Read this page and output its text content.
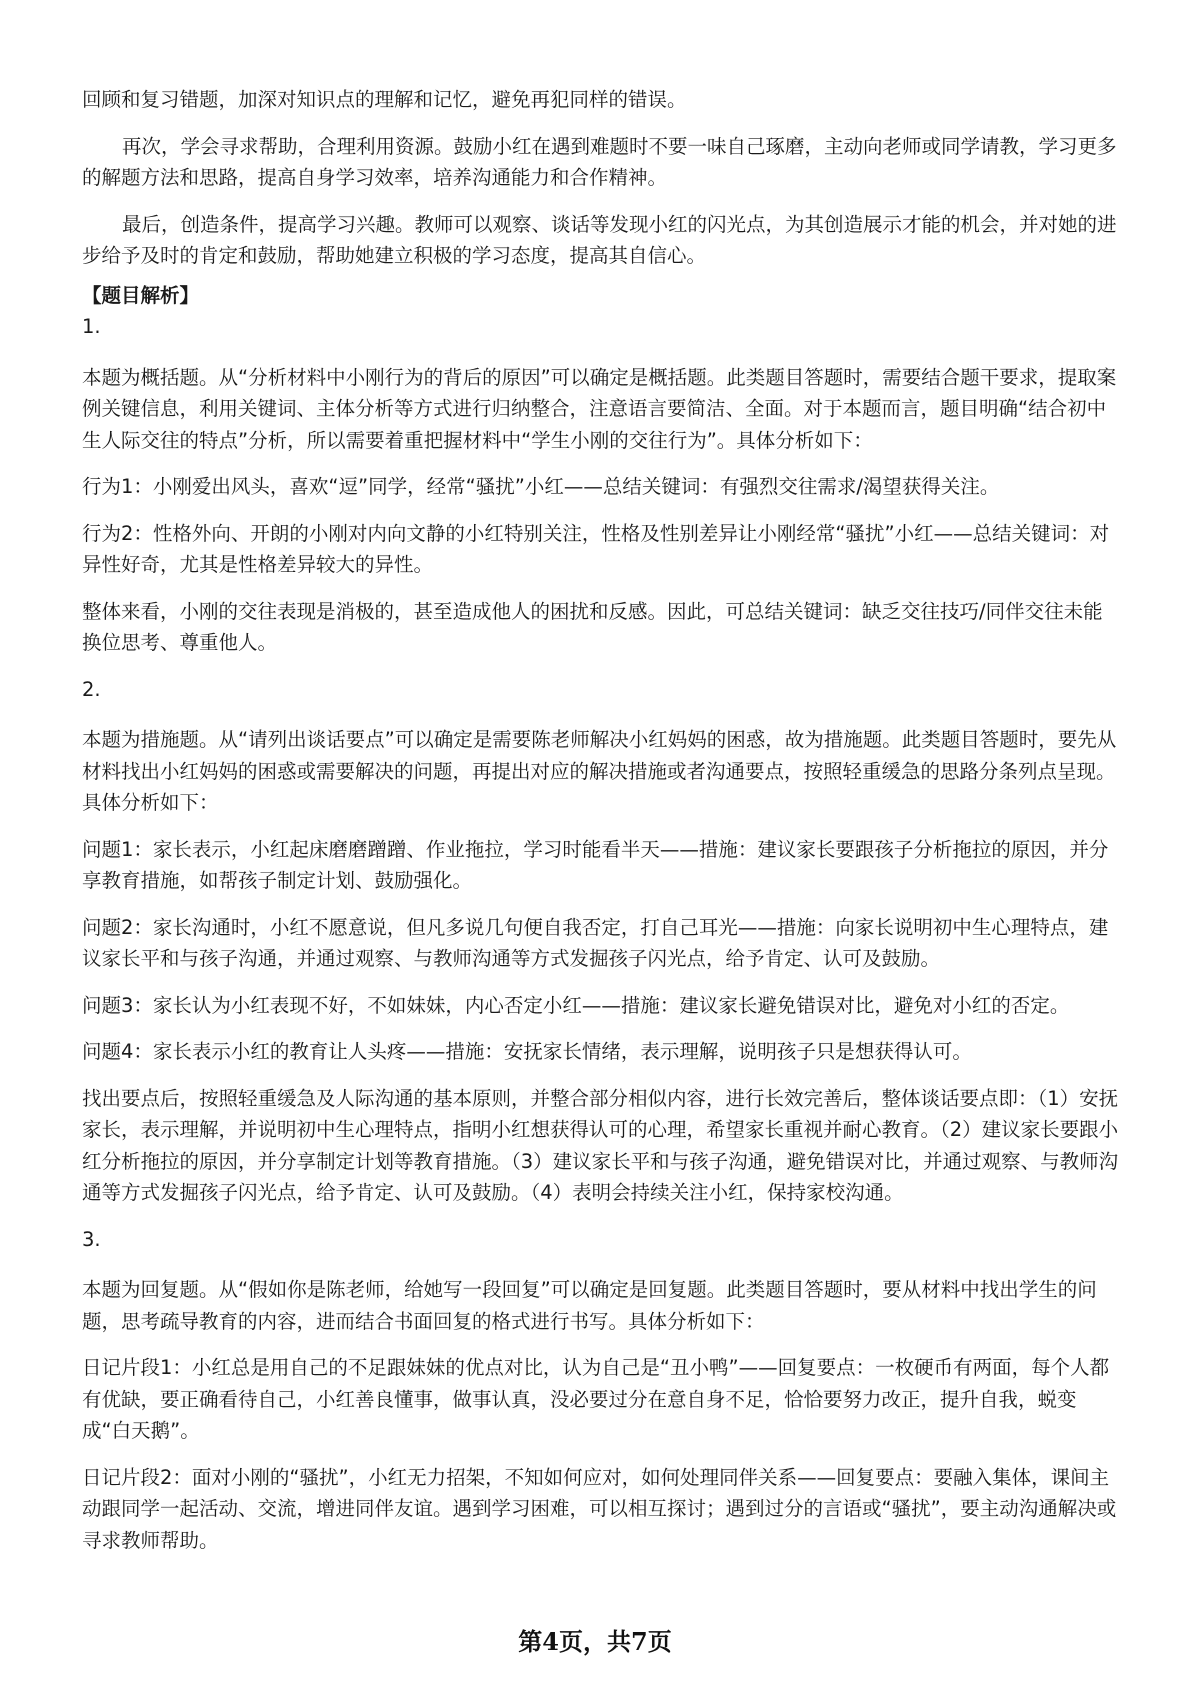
回顾和复习错题，加深对知识点的理解和记忆，避免再犯同样的错误。

再次，学会寻求帮助，合理利用资源。鼓励小红在遇到难题时不要一味自己琢磨，主动向老师或同学请教，学习更多的解题方法和思路，提高自身学习效率，培养沟通能力和合作精神。

最后，创造条件，提高学习兴趣。教师可以观察、谈话等发现小红的闪光点，为其创造展示才能的机会，并对她的进步给予及时的肯定和鼓励，帮助她建立积极的学习态度，提高其自信心。

【题目解析】

1.

本题为概括题。从“分析材料中小刚行为的背后的原因”可以确定是概括题。此类题目答题时，需要结合题干要求，提取案例关键信息，利用关键词、主体分析等方式进行归纳整合，注意语言要简洁、全面。对于本题而言，题目明确“结合初中生人际交往的特点”分析，所以需要着重把握材料中“学生小刚的交往行为”。具体分析如下：

行为1：小刚爱出风头，喜欢“逗”同学，经常“骚扰”小红——总结关键词：有强烈交往需求/渴望获得关注。

行为2：性格外向、开朗的小刚对内向文静的小红特别关注，性格及性别差异让小刚经常“骚扰”小红——总结关键词：对异性好奇，尤其是性格差异较大的异性。

整体来看，小刚的交往表现是消极的，甚至造成他人的困扰和反感。因此，可总结关键词：缺乏交往技巧/同伴交往未能换位思考、尊重他人。

2.

本题为措施题。从“请列出谈话要点”可以确定是需要陈老师解决小红妈妈的困惑，故为措施题。此类题目答题时，要先从材料找出小红妈妈的困惑或需要解决的问题，再提出对应的解决措施或者沟通要点，按照轻重缓急的思路分条列点呈现。具体分析如下：

问题1：家长表示，小红起床磨磨蹭蹭、作业拖拉，学习时能看半天——措施：建议家长要跟孩子分析拖拉的原因，并分享教育措施，如帮孩子制定计划、鼓励强化。

问题2：家长沟通时，小红不愿意说，但凡多说几句便自我否定，打自己耳光——措施：向家长说明初中生心理特点，建议家长平和与孩子沟通，并通过观察、与教师沟通等方式发掘孩子闪光点，给予肯定、认可及鼓励。

问题3：家长认为小红表现不好，不如妹妹，内心否定小红——措施：建议家长避免错误对比，避免对小红的否定。

问题4：家长表示小红的教育让人头疼——措施：安抚家长情绪，表示理解，说明孩子只是想获得认可。

找出要点后，按照轻重缓急及人际沟通的基本原则，并整合部分相似内容，进行长效完善后，整体谈话要点即：（1）安抚家长，表示理解，并说明初中生心理特点，指明小红想获得认可的心理，希望家长重视并耐心教育。（2）建议家长要跟小红分析拖拉的原因，并分享制定计划等教育措施。（3）建议家长平和与孩子沟通，避免错误对比，并通过观察、与教师沟通等方式发掘孩子闪光点，给予肯定、认可及鼓励。（4）表明会持续关注小红，保持家校沟通。

3.

本题为回复题。从“假如你是陈老师，给她写一段回复”可以确定是回复题。此类题目答题时，要从材料中找出学生的问题，思考疏导教育的内容，进而结合书面回复的格式进行书写。具体分析如下：

日记片段1：小红总是用自己的不足跟妹妹的优点对比，认为自己是“丑小鸭”——回复要点：一枚硬币有两面，每个人都有优缺，要正确看待自己，小红善良懂事，做事认真，没必要过分在意自身不足，恰恰要努力改正，提升自我，蜕变成“白天鹅”。

日记片段2：面对小刚的“骚扰”，小红无力招架，不知如何应对，如何处理同伴关系——回复要点：要融入集体，课间主动跟同学一起活动、交流，增进同伴友谊。遇到学习困难，可以相互探讨；遇到过分的言语或“骚扰”，要主动沟通解决或寻求教师帮助。

第4页，共7页
